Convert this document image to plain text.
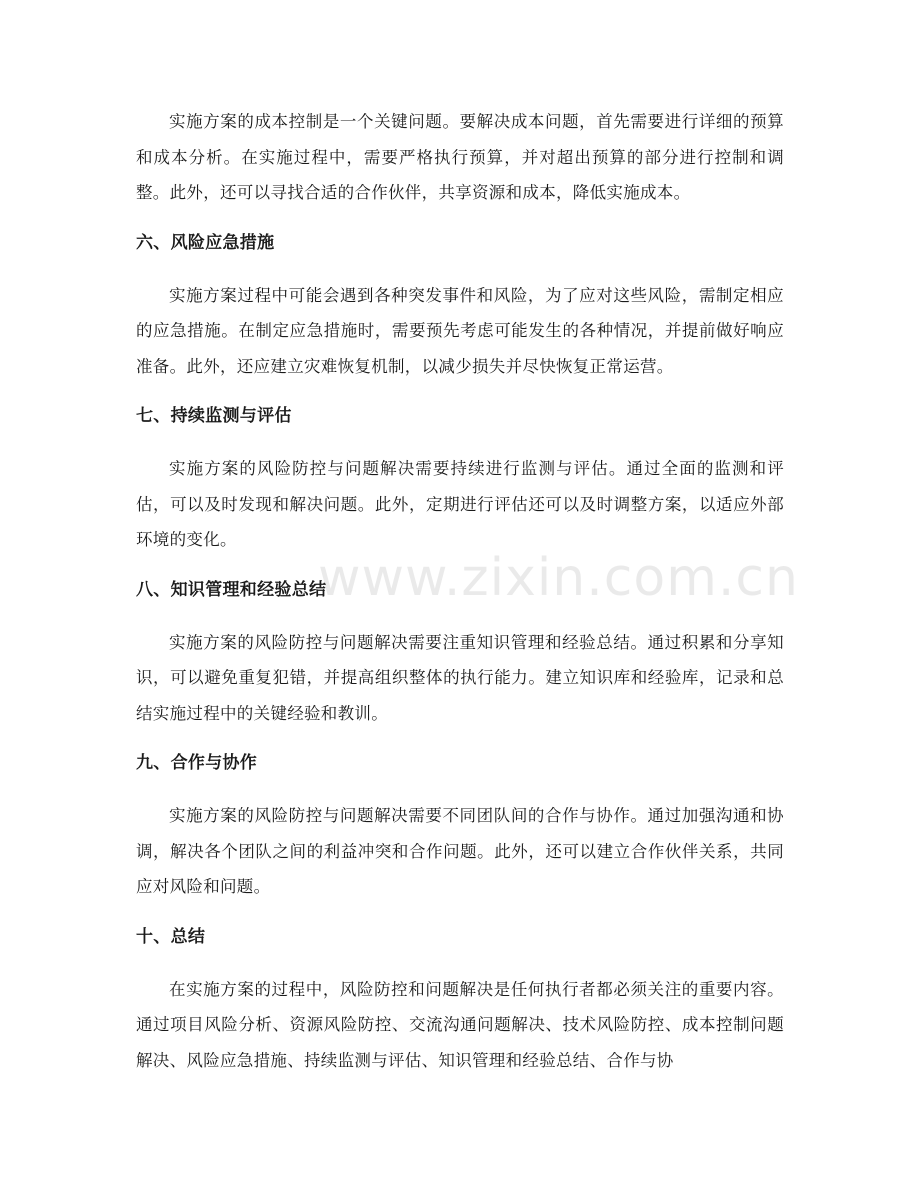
www.zixin.com.cn

实施方案的成本控制是一个关键问题。要解决成本问题，首先需要进行详细的预算和成本分析。在实施过程中，需要严格执行预算，并对超出预算的部分进行控制和调整。此外，还可以寻找合适的合作伙伴，共享资源和成本，降低实施成本。

六、风险应急措施

实施方案过程中可能会遇到各种突发事件和风险，为了应对这些风险，需制定相应的应急措施。在制定应急措施时，需要预先考虑可能发生的各种情况，并提前做好响应准备。此外，还应建立灾难恢复机制，以减少损失并尽快恢复正常运营。

七、持续监测与评估

实施方案的风险防控与问题解决需要持续进行监测与评估。通过全面的监测和评估，可以及时发现和解决问题。此外，定期进行评估还可以及时调整方案，以适应外部环境的变化。

八、知识管理和经验总结

实施方案的风险防控与问题解决需要注重知识管理和经验总结。通过积累和分享知识，可以避免重复犯错，并提高组织整体的执行能力。建立知识库和经验库，记录和总结实施过程中的关键经验和教训。

九、合作与协作

实施方案的风险防控与问题解决需要不同团队间的合作与协作。通过加强沟通和协调，解决各个团队之间的利益冲突和合作问题。此外，还可以建立合作伙伴关系，共同应对风险和问题。

十、总结

在实施方案的过程中，风险防控和问题解决是任何执行者都必须关注的重要内容。通过项目风险分析、资源风险防控、交流沟通问题解决、技术风险防控、成本控制问题解决、风险应急措施、持续监测与评估、知识管理和经验总结、合作与协
